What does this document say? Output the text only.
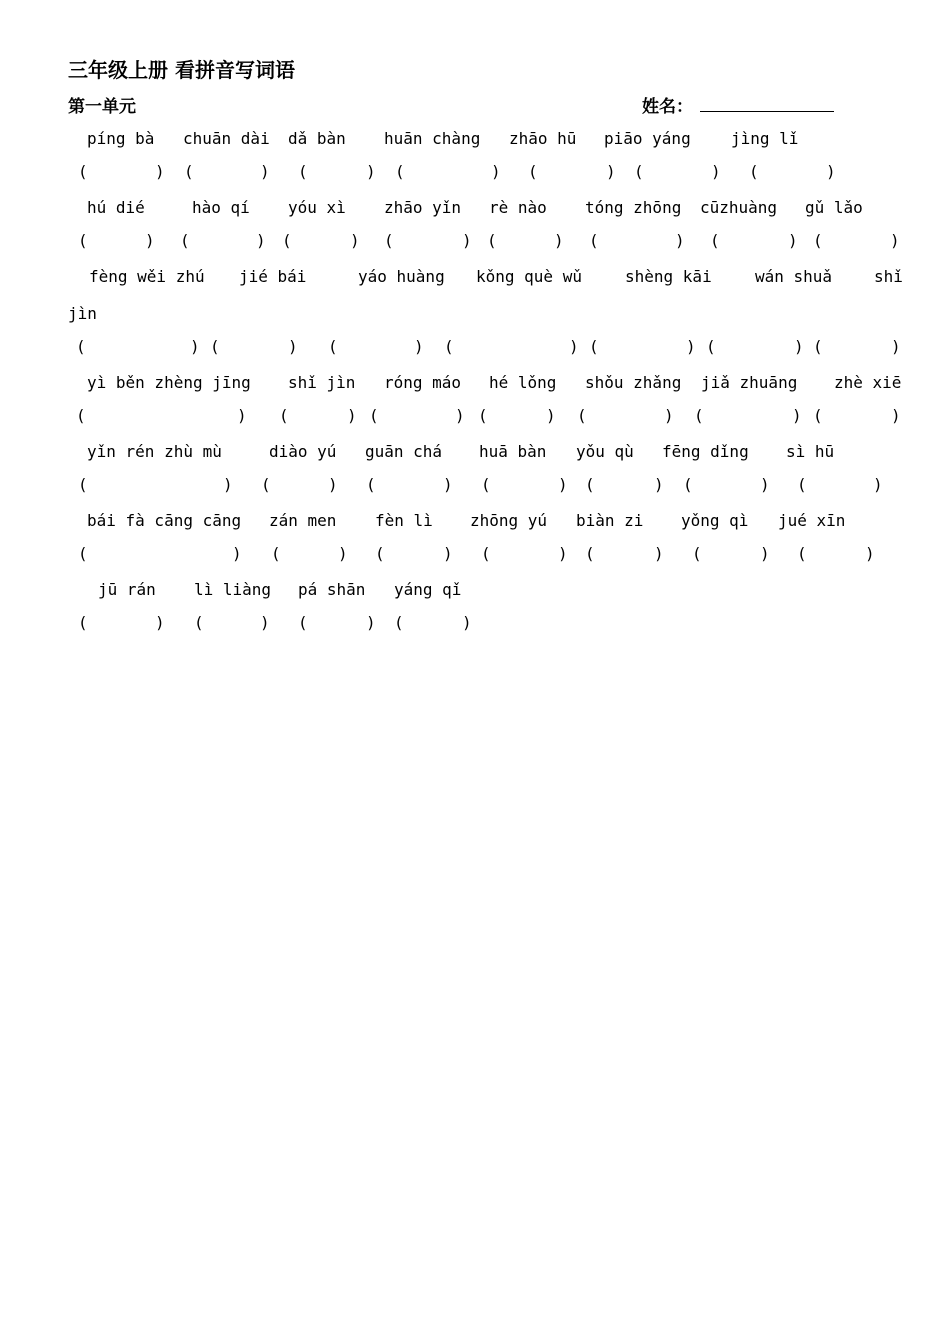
三年级上册 看拼音写词语
第一单元	姓名：
píng bà chuān dài dǎ bàn huān chàng zhāo hū piāo yáng	jìng lǐ
(	) (	) (	) (	) (	) (	) (	)
hú dié	hào qí yóu xì zhāo yǐn rè nào tóng zhōng cūzhuàng gǔ lǎo
(	) (	) (	) (	) (	) (	) (	) (	)
fèng wěi zhú jié bái	yáo huàng kǒng què wǔ	shèng kāi	wán shuǎ	shǐ
jìn
(	) (	) (	) (	) (	) (	) (	)
yì běn zhèng jīng shǐ jìn róng máo hé lǒng shǒu zhǎng jiǎ zhuāng zhè xiē
(	) (	) (	) (	) (	) (	) (	)
yǐn rén zhù mù	diào yú guān chá huā bàn yǒu qù fēng dǐng sì hū
(	) (	) (	) (	) (	) (	) (	)
bái fà cāng cāng zán men fèn lì zhōng yú biàn zi yǒng qì jué xīn
(	) (	) (	) (	) (	) (	) (	)
jū rán lì liàng pá shān yáng qǐ
(	) (	) (	) (	)
